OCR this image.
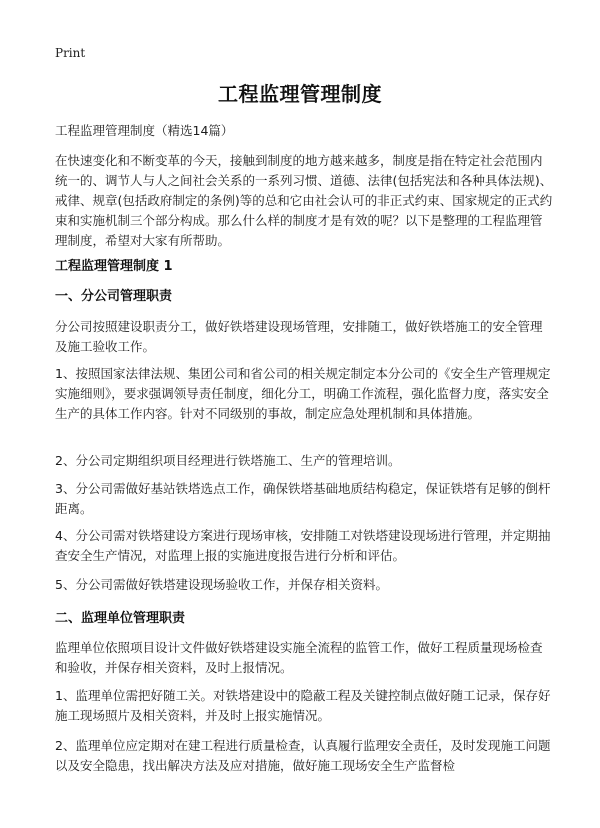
Print
工程监理管理制度

工程监理管理制度（精选14篇）

在快速变化和不断变革的今天，接触到制度的地方越来越多，制度是指在特定社会范围内统一的、调节人与人之间社会关系的一系列习惯、道德、法律(包括宪法和各种具体法规)、戒律、规章(包括政府制定的条例)等的总和它由社会认可的非正式约束、国家规定的正式约束和实施机制三个部分构成。那么什么样的制度才是有效的呢？以下是整理的工程监理管理制度，希望对大家有所帮助。

工程监理管理制度 1

一、分公司管理职责

分公司按照建设职责分工，做好铁塔建设现场管理，安排随工，做好铁塔施工的安全管理及施工验收工作。

1、按照国家法律法规、集团公司和省公司的相关规定制定本分公司的《安全生产管理规定实施细则》，要求强调领导责任制度，细化分工，明确工作流程，强化监督力度，落实安全生产的具体工作内容。针对不同级别的事故，制定应急处理机制和具体措施。

2、分公司定期组织项目经理进行铁塔施工、生产的管理培训。

3、分公司需做好基站铁塔选点工作，确保铁塔基础地质结构稳定，保证铁塔有足够的倒杆距离。

4、分公司需对铁塔建设方案进行现场审核，安排随工对铁塔建设现场进行管理，并定期抽查安全生产情况，对监理上报的实施进度报告进行分析和评估。

5、分公司需做好铁塔建设现场验收工作，并保存相关资料。

二、监理单位管理职责

监理单位依照项目设计文件做好铁塔建设实施全流程的监管工作，做好工程质量现场检查和验收，并保存相关资料，及时上报情况。

1、监理单位需把好随工关。对铁塔建设中的隐蔽工程及关键控制点做好随工记录，保存好施工现场照片及相关资料，并及时上报实施情况。

2、监理单位应定期对在建工程进行质量检查，认真履行监理安全责任，及时发现施工问题以及安全隐患，找出解决方法及应对措施，做好施工现场安全生产监督检
